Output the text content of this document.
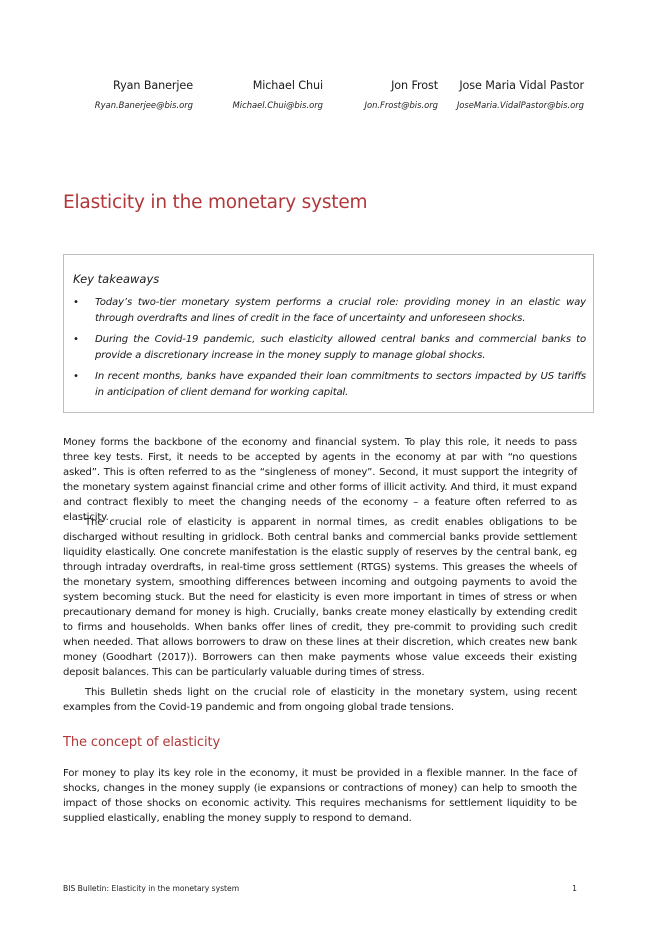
Ryan Banerjee
Ryan.Banerjee@bis.org
Michael Chui
Michael.Chui@bis.org
Jon Frost
Jon.Frost@bis.org
Jose Maria Vidal Pastor
JoseMaria.VidalPastor@bis.org
Elasticity in the monetary system
Key takeaways
• Today’s two-tier monetary system performs a crucial role: providing money in an elastic way through overdrafts and lines of credit in the face of uncertainty and unforeseen shocks.
• During the Covid-19 pandemic, such elasticity allowed central banks and commercial banks to provide a discretionary increase in the money supply to manage global shocks.
• In recent months, banks have expanded their loan commitments to sectors impacted by US tariffs in anticipation of client demand for working capital.

Money forms the backbone of the economy and financial system. To play this role, it needs to pass three key tests. First, it needs to be accepted by agents in the economy at par with “no questions asked”. This is often referred to as the “singleness of money”. Second, it must support the integrity of the monetary system against financial crime and other forms of illicit activity. And third, it must expand and contract flexibly to meet the changing needs of the economy – a feature often referred to as elasticity.

The crucial role of elasticity is apparent in normal times, as credit enables obligations to be discharged without resulting in gridlock. Both central banks and commercial banks provide settlement liquidity elastically. One concrete manifestation is the elastic supply of reserves by the central bank, eg through intraday overdrafts, in real-time gross settlement (RTGS) systems. This greases the wheels of the monetary system, smoothing differences between incoming and outgoing payments to avoid the system becoming stuck. But the need for elasticity is even more important in times of stress or when precautionary demand for money is high. Crucially, banks create money elastically by extending credit to firms and households. When banks offer lines of credit, they pre-commit to providing such credit when needed. That allows borrowers to draw on these lines at their discretion, which creates new bank money (Goodhart (2017)). Borrowers can then make payments whose value exceeds their existing deposit balances. This can be particularly valuable during times of stress.

This Bulletin sheds light on the crucial role of elasticity in the monetary system, using recent examples from the Covid-19 pandemic and from ongoing global trade tensions.

The concept of elasticity

For money to play its key role in the economy, it must be provided in a flexible manner. In the face of shocks, changes in the money supply (ie expansions or contractions of money) can help to smooth the impact of those shocks on economic activity. This requires mechanisms for settlement liquidity to be supplied elastically, enabling the money supply to respond to demand.

BIS Bulletin: Elasticity in the monetary system	1
